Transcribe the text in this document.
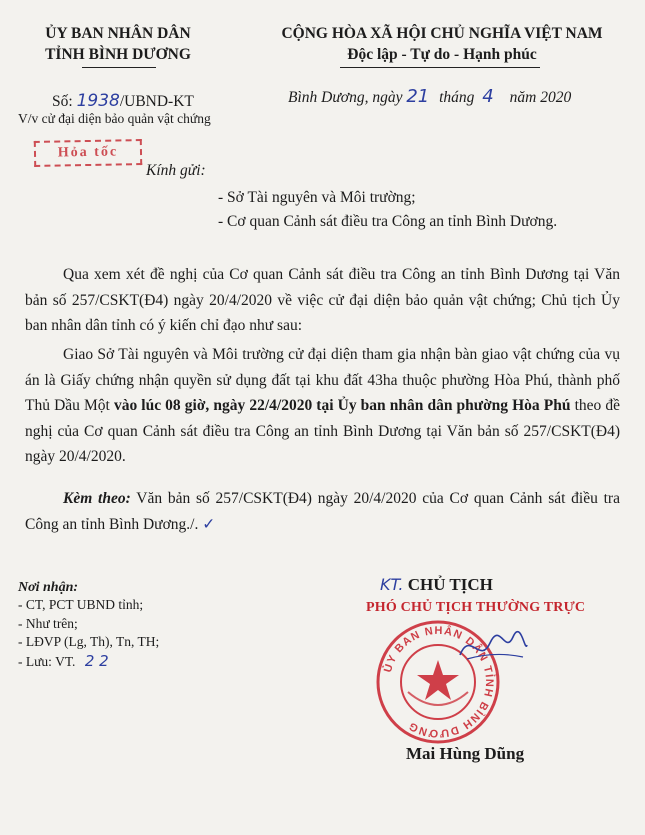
ỦY BAN NHÂN DÂN
TỈNH BÌNH DƯƠNG
CỘNG HÒA XÃ HỘI CHỦ NGHĨA VIỆT NAM
Độc lập - Tự do - Hạnh phúc
Số: 1938/UBND-KT
V/v cử đại diện bảo quản vật chứng
Bình Dương, ngày 21 tháng 4 năm 2020
Hỏa tốc
Kính gửi:
- Sở Tài nguyên và Môi trường;
- Cơ quan Cảnh sát điều tra Công an tỉnh Bình Dương.
Qua xem xét đề nghị của Cơ quan Cảnh sát điều tra Công an tỉnh Bình Dương tại Văn bản số 257/CSKT(Đ4) ngày 20/4/2020 về việc cử đại diện bảo quản vật chứng; Chủ tịch Ủy ban nhân dân tỉnh có ý kiến chỉ đạo như sau:
Giao Sở Tài nguyên và Môi trường cử đại diện tham gia nhận bàn giao vật chứng của vụ án là Giấy chứng nhận quyền sử dụng đất tại khu đất 43ha thuộc phường Hòa Phú, thành phố Thủ Dầu Một vào lúc 08 giờ, ngày 22/4/2020 tại Ủy ban nhân dân phường Hòa Phú theo đề nghị của Cơ quan Cảnh sát điều tra Công an tỉnh Bình Dương tại Văn bản số 257/CSKT(Đ4) ngày 20/4/2020.
Kèm theo: Văn bản số 257/CSKT(Đ4) ngày 20/4/2020 của Cơ quan Cảnh sát điều tra Công an tỉnh Bình Dương./. ✓
Nơi nhận:
- CT, PCT UBND tỉnh;
- Như trên;
- LĐVP (Lg, Th), Tn, TH;
- Lưu: VT. 2 2
KT. CHỦ TỊCH
PHÓ CHỦ TỊCH THƯỜNG TRỰC
ỦY BAN NHÂN DÂN TỈNH BÌNH DƯƠNG
Mai Hùng Dũng
